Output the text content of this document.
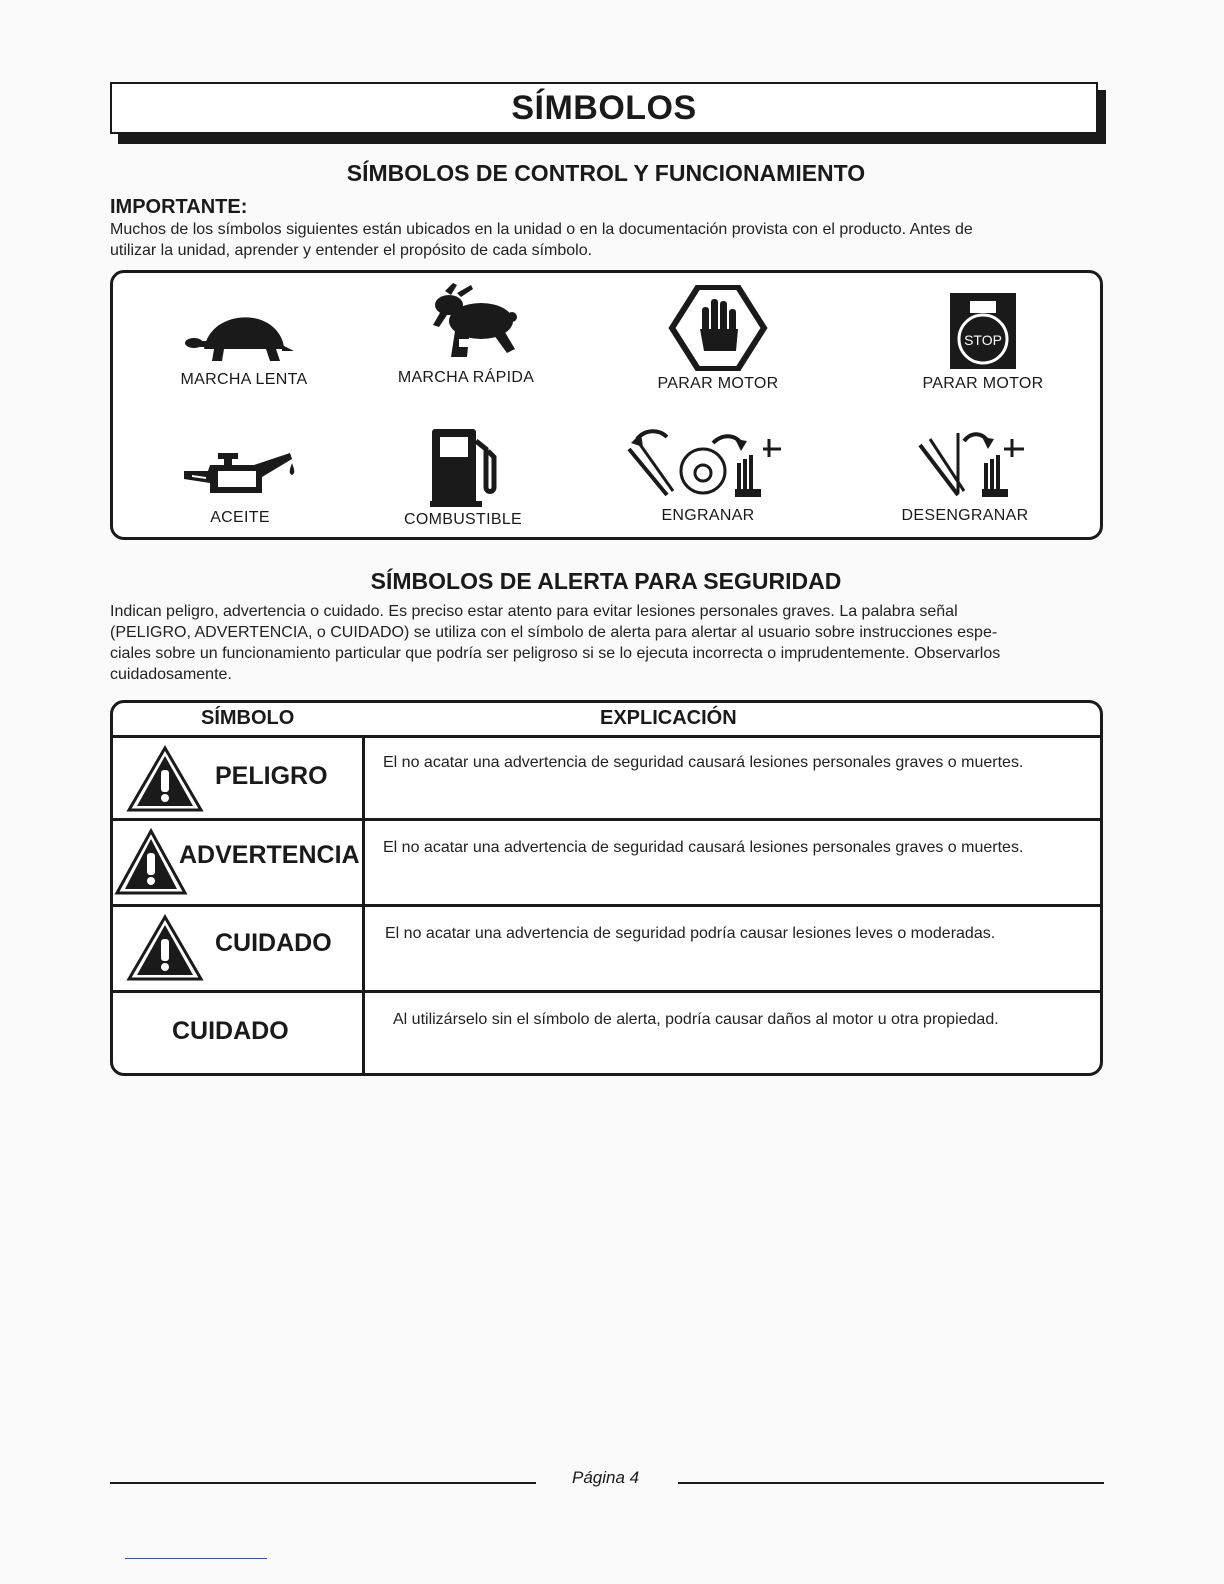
SÍMBOLOS
SÍMBOLOS DE CONTROL Y FUNCIONAMIENTO
IMPORTANTE:
Muchos de los símbolos siguientes están ubicados en la unidad o en la documentación provista con el producto. Antes de
utilizar la unidad, aprender y entender el propósito de cada símbolo.
MARCHA LENTA	MARCHA RÁPIDA	PARAR MOTOR
STOP
PARAR MOTOR
ACEITE	COMBUSTIBLE	ENGRANAR	DESENGRANAR
SÍMBOLOS DE ALERTA PARA SEGURIDAD
Indican peligro, advertencia o cuidado. Es preciso estar atento para evitar lesiones personales graves. La palabra señal
(PELIGRO, ADVERTENCIA, o CUIDADO) se utiliza con el símbolo de alerta para alertar al usuario sobre instrucciones espe-
ciales sobre un funcionamiento particular que podría ser peligroso si se lo ejecuta incorrecta o imprudentemente. Observarlos
cuidadosamente.
SÍMBOLO	EXPLICACIÓN
PELIGRO	El no acatar una advertencia de seguridad causará lesiones personales graves o muertes.
ADVERTENCIA El no acatar una advertencia de seguridad causará lesiones personales graves o muertes.
CUIDADO	El no acatar una advertencia de seguridad podría causar lesiones leves o moderadas.
CUIDADO	Al utilizárselo sin el símbolo de alerta, podría causar daños al motor u otra propiedad.
Página 4
